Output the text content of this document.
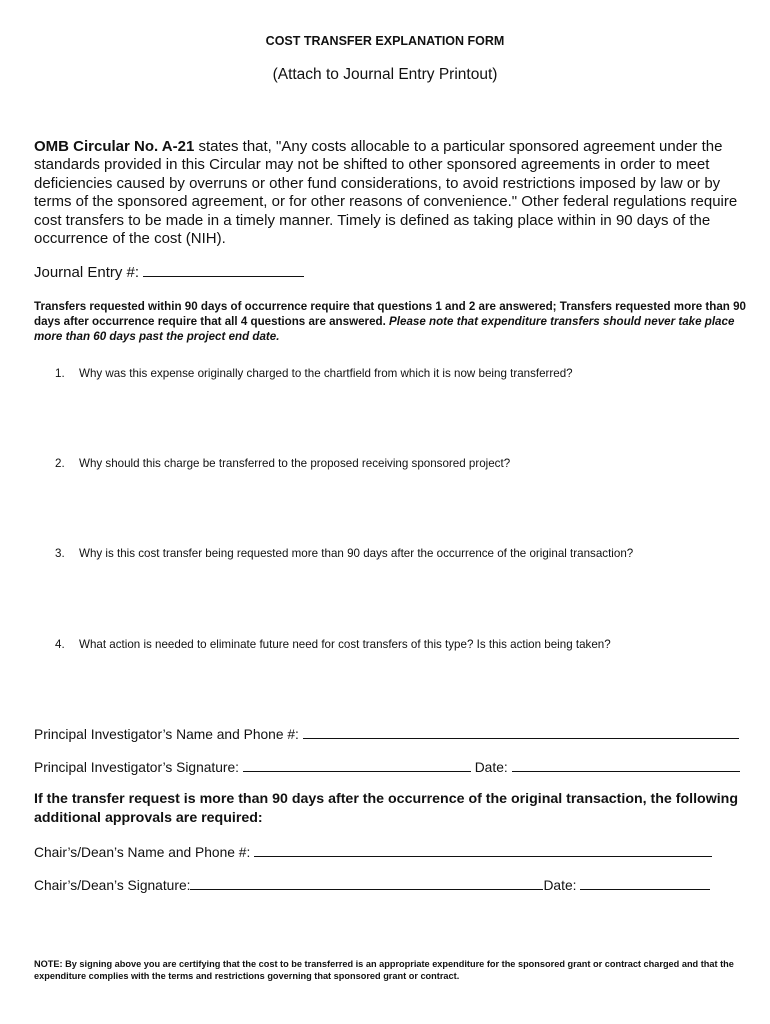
COST TRANSFER EXPLANATION FORM
(Attach to Journal Entry Printout)
OMB Circular No. A-21 states that, "Any costs allocable to a particular sponsored agreement under the standards provided in this Circular may not be shifted to other sponsored agreements in order to meet deficiencies caused by overruns or other fund considerations, to avoid restrictions imposed by law or by terms of the sponsored agreement, or for other reasons of convenience." Other federal regulations require cost transfers to be made in a timely manner. Timely is defined as taking place within in 90 days of the occurrence of the cost (NIH).
Journal Entry #:
Transfers requested within 90 days of occurrence require that questions 1 and 2 are answered; Transfers requested more than 90 days after occurrence require that all 4 questions are answered. Please note that expenditure transfers should never take place more than 60 days past the project end date.
1. Why was this expense originally charged to the chartfield from which it is now being transferred?
2. Why should this charge be transferred to the proposed receiving sponsored project?
3. Why is this cost transfer being requested more than 90 days after the occurrence of the original transaction?
4. What action is needed to eliminate future need for cost transfers of this type? Is this action being taken?
Principal Investigator’s Name and Phone #:
Principal Investigator’s Signature:	Date:
If the transfer request is more than 90 days after the occurrence of the original transaction, the following additional approvals are required:
Chair’s/Dean’s Name and Phone #:
Chair’s/Dean’s Signature:	Date:
NOTE: By signing above you are certifying that the cost to be transferred is an appropriate expenditure for the sponsored grant or contract charged and that the expenditure complies with the terms and restrictions governing that sponsored grant or contract.
